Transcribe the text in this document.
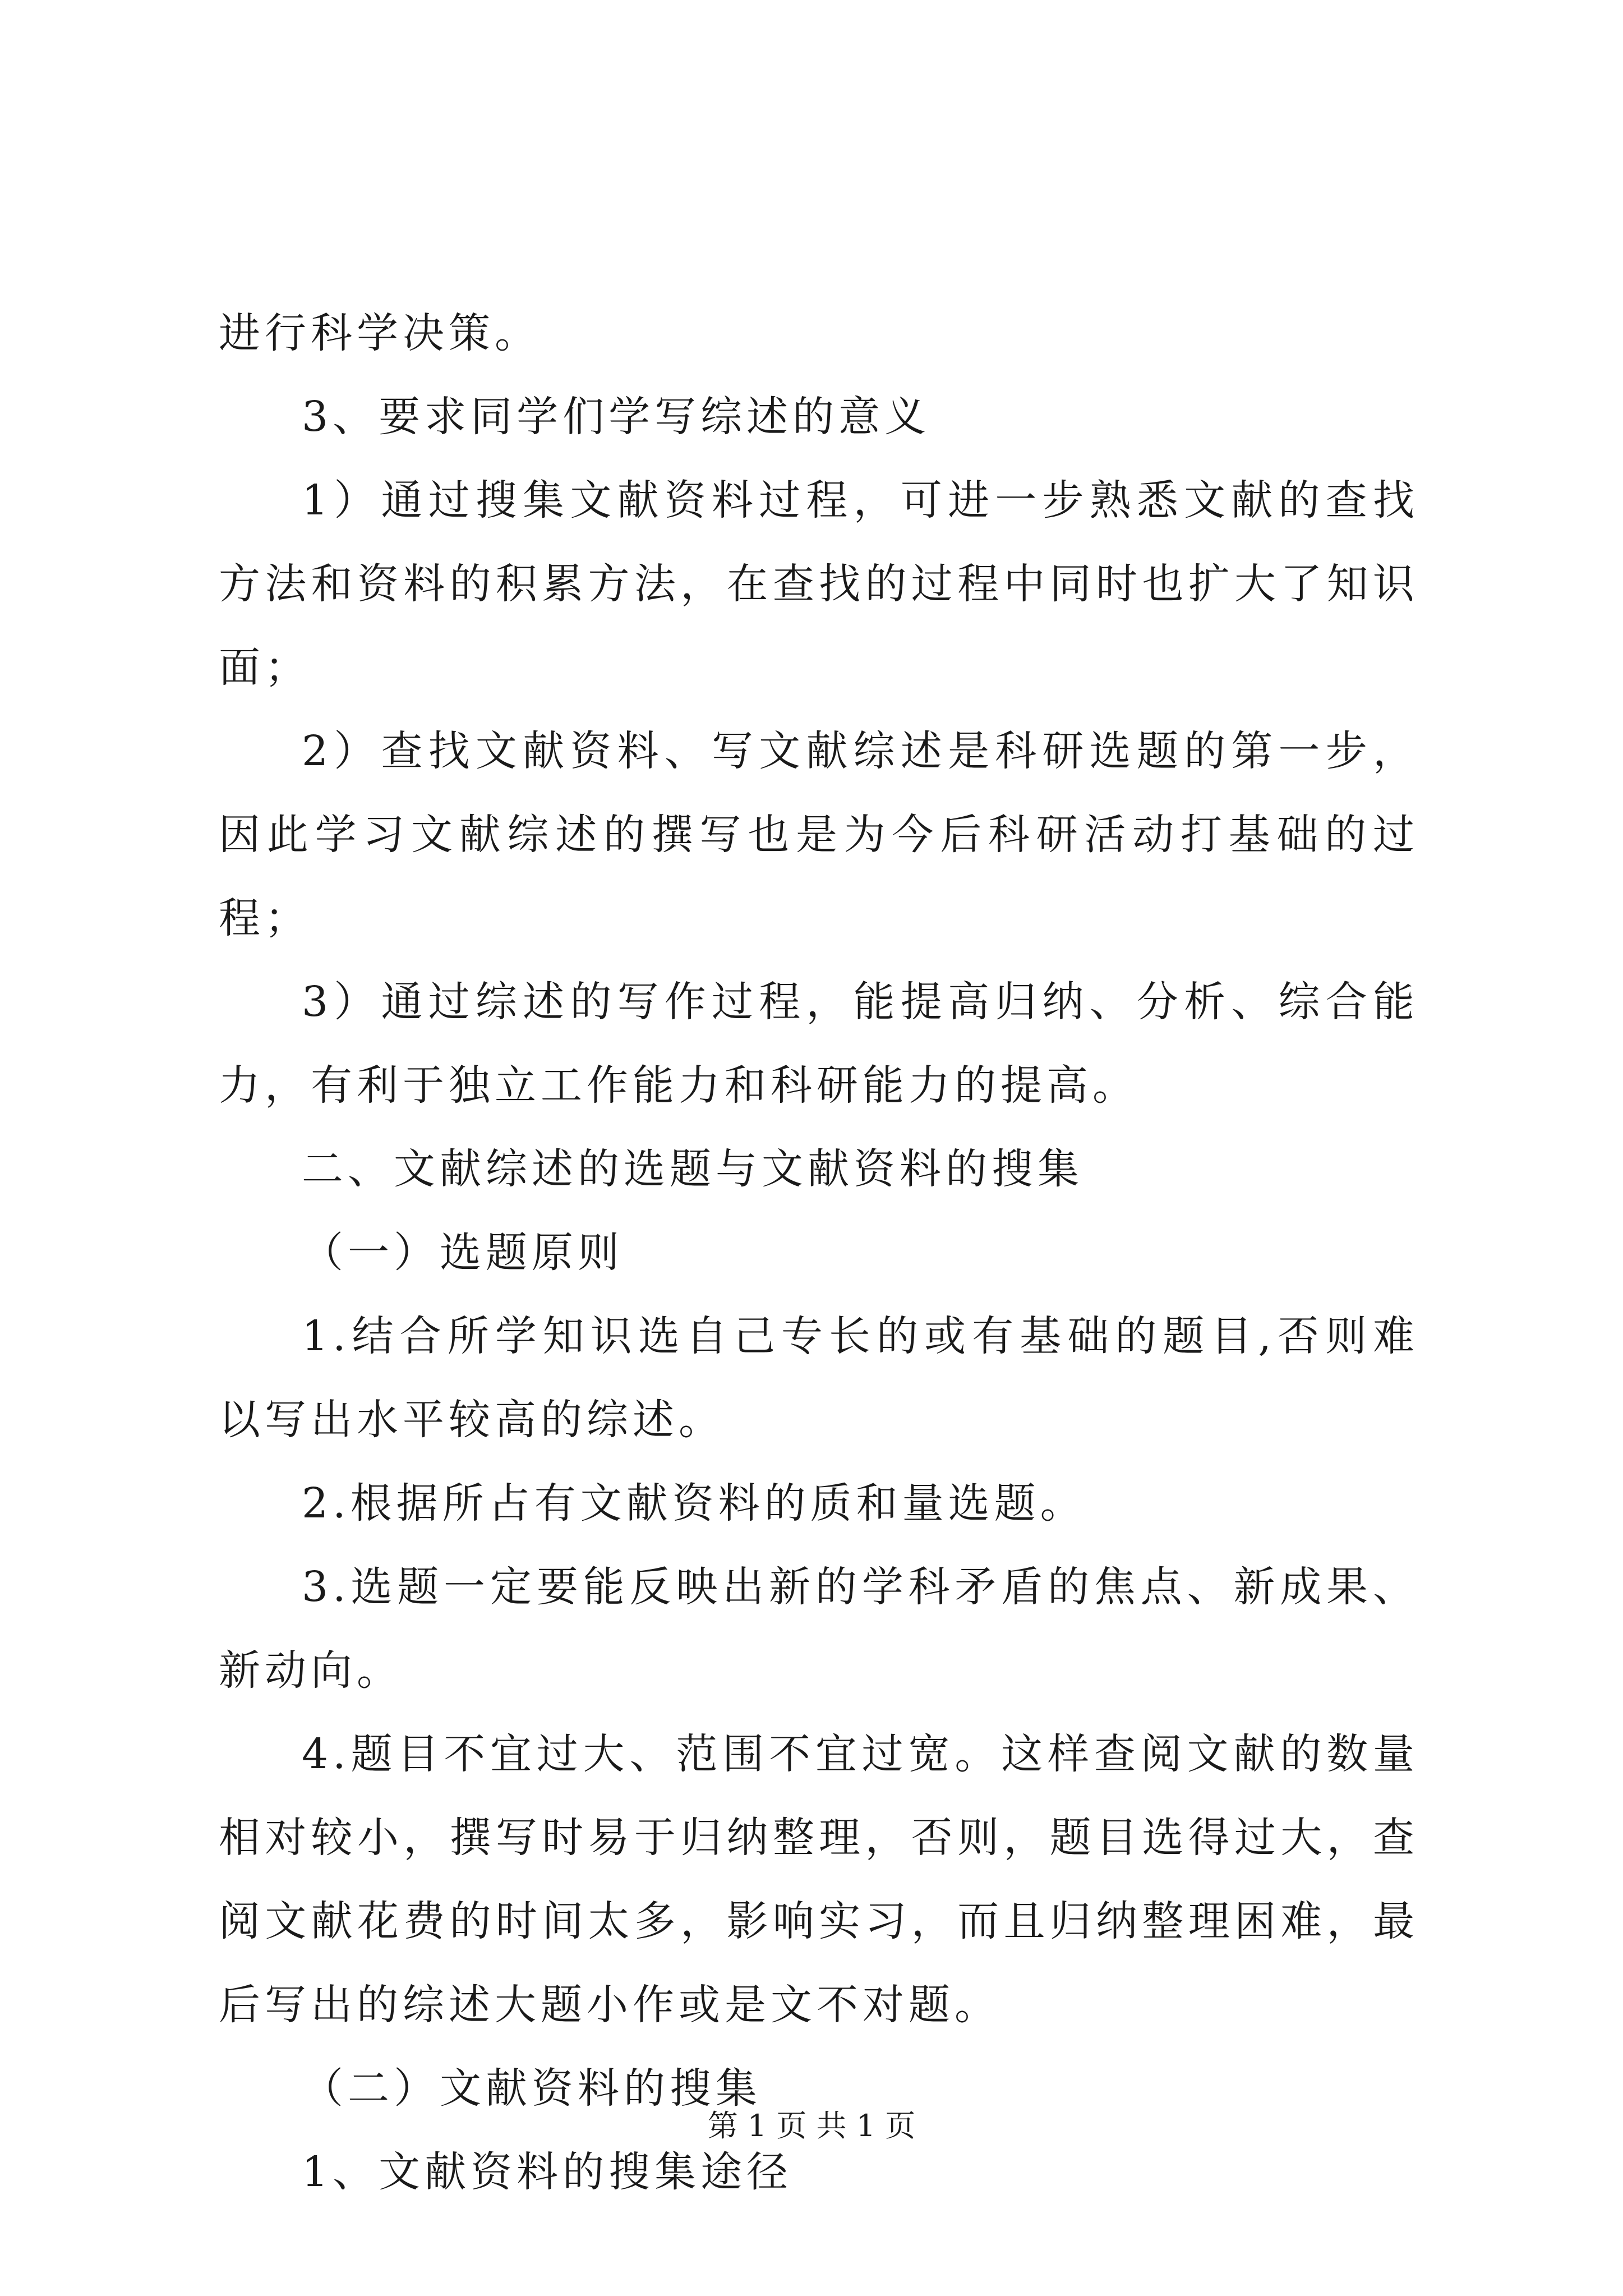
进行科学决策。

3、要求同学们学写综述的意义

1）通过搜集文献资料过程，可进一步熟悉文献的查找方法和资料的积累方法，在查找的过程中同时也扩大了知识面；

2）查找文献资料、写文献综述是科研选题的第一步，因此学习文献综述的撰写也是为今后科研活动打基础的过程；

3）通过综述的写作过程，能提高归纳、分析、综合能力，有利于独立工作能力和科研能力的提高。

二、文献综述的选题与文献资料的搜集

（一）选题原则

1.结合所学知识选自己专长的或有基础的题目,否则难以写出水平较高的综述。

2.根据所占有文献资料的质和量选题。

3.选题一定要能反映出新的学科矛盾的焦点、新成果、新动向。

4.题目不宜过大、范围不宜过宽。这样查阅文献的数量相对较小，撰写时易于归纳整理，否则，题目选得过大，查阅文献花费的时间太多，影响实习，而且归纳整理困难，最后写出的综述大题小作或是文不对题。

（二）文献资料的搜集

1、文献资料的搜集途径

第 1 页 共 1 页
